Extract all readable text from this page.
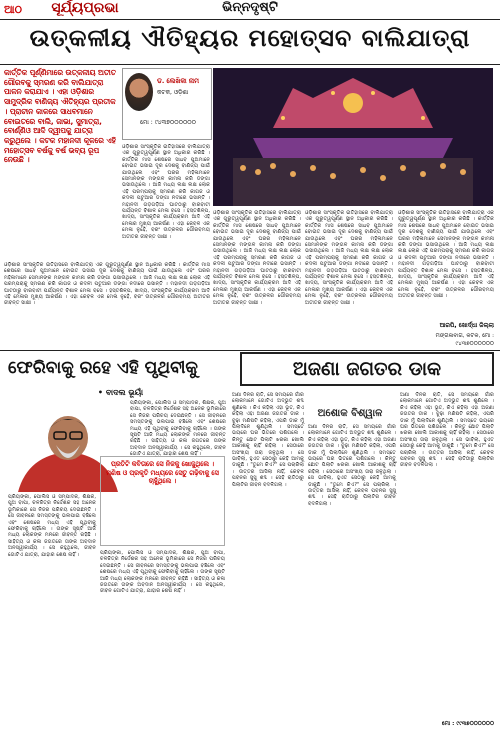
ଆଠ	ସୂର୍ଯ୍ୟପ୍ରଭା	ଭିନ୍ନଦୃଷ୍ଟି
ଉତ୍କଳୀୟ ଐତିହ୍ୟର ମହୋତ୍ସବ ବାଲିଯାତ୍ରା
କାର୍ତ୍ତିକ ପୂର୍ଣ୍ଣିମାରେ ଉତ୍କଳୀୟ ଅତୀତ ଗୌରବକୁ ସ୍ମରଣ କରି ବାଲିଯାତ୍ରା ପାଳନ କରାଯାଏ । ଏହା ଓଡ଼ିଶାର ସାମୁଦ୍ରିକ ବାଣିଜ୍ୟ ଐତିହ୍ୟର ପ୍ରତୀକ । ପ୍ରାଚୀନ କାଳରେ ସାଧବମାନେ ବୋଇତରେ ବାଲି, ଜାଭା, ସୁମାତ୍ରା, ବୋର୍ଣ୍ଣିଓ ଆଦି ଦ୍ୱୀପକୁ ଯାତ୍ରା କରୁଥିଲେ । କଟକ ମହାନଦୀ କୂଳରେ ଏହି ମହୋତ୍ସବ ବର୍ଷକୁ ବର୍ଷ ଭବ୍ୟ ରୂପ ନେଉଛି ।
ଡ. ଲେଖିକା ନାମ
କଟକ, ଓଡ଼ିଶା
ମୋ : ୯୪୩୭୦୦୦୦୦୦
ଓଡ଼ିଶାର ସାଂସ୍କୃତିକ ଇତିହାସରେ ବାଲିଯାତ୍ରା ଏକ ଗୁରୁତ୍ୱପୂର୍ଣ୍ଣ ସ୍ଥାନ ଅଧିକାର କରିଛି । କାର୍ତ୍ତିକ ମାସ ଶେଷରେ ସାଧବ ପୁଅମାନେ ବୋଇତ ଭସାଇ ଦୂର ଦେଶକୁ ବାଣିଜ୍ୟ ପାଇଁ ଯାଉଥିଲେ ଏବଂ ଘରର ମହିଳାମାନେ ସେମାନଙ୍କ ମଙ୍ଗଳ କାମନା କରି ଡଙ୍ଗା ଭସାଉଥିଲେ । ଆଜି ମଧ୍ୟ ଲକ୍ଷ ଲକ୍ଷ ଲୋକ ଏହି ପରମ୍ପରାକୁ ସ୍ମରଣ କରି କାଗଜ ଓ କଦଳୀ ପଟୁଆର ଡଙ୍ଗା ନଦୀରେ ଭସାନ୍ତି । ମହାନଦୀ ଗଡ଼ଗଡ଼ିଆ ଘାଟଠାରୁ ବାରବାଟୀ ପର୍ଯ୍ୟନ୍ତ ବିଶାଳ ମେଳା ବସେ । ହସ୍ତଶିଳ୍ପ, ଖାଦ୍ୟ, ସାଂସ୍କୃତିକ କାର୍ଯ୍ୟକ୍ରମ ଆଦି ଏହି ମେଳାର ମୁଖ୍ୟ ଆକର୍ଷଣ । ଏହା କେବଳ ଏକ ମେଳା ନୁହେଁ, ବରଂ ଉତ୍କଳର ଗୌରବମୟ ଅତୀତର ଜୀବନ୍ତ ସାକ୍ଷୀ ।
ଓଡ଼ିଶାର ସାଂସ୍କୃତିକ ଇତିହାସରେ ବାଲିଯାତ୍ରା ଏକ ଗୁରୁତ୍ୱପୂର୍ଣ୍ଣ ସ୍ଥାନ ଅଧିକାର କରିଛି । କାର୍ତ୍ତିକ ମାସ ଶେଷରେ ସାଧବ ପୁଅମାନେ ବୋଇତ ଭସାଇ ଦୂର ଦେଶକୁ ବାଣିଜ୍ୟ ପାଇଁ ଯାଉଥିଲେ ଏବଂ ଘରର ମହିଳାମାନେ ସେମାନଙ୍କ ମଙ୍ଗଳ କାମନା କରି ଡଙ୍ଗା ଭସାଉଥିଲେ । ଆଜି ମଧ୍ୟ ଲକ୍ଷ ଲକ୍ଷ ଲୋକ ଏହି ପରମ୍ପରାକୁ ସ୍ମରଣ କରି କାଗଜ ଓ କଦଳୀ ପଟୁଆର ଡଙ୍ଗା ନଦୀରେ ଭସାନ୍ତି । ମହାନଦୀ ଗଡ଼ଗଡ଼ିଆ ଘାଟଠାରୁ ବାରବାଟୀ ପର୍ଯ୍ୟନ୍ତ ବିଶାଳ ମେଳା ବସେ । ହସ୍ତଶିଳ୍ପ, ଖାଦ୍ୟ, ସାଂସ୍କୃତିକ କାର୍ଯ୍ୟକ୍ରମ ଆଦି ଏହି ମେଳାର ମୁଖ୍ୟ ଆକର୍ଷଣ । ଏହା କେବଳ ଏକ ମେଳା ନୁହେଁ, ବରଂ ଉତ୍କଳର ଗୌରବମୟ ଅତୀତର ଜୀବନ୍ତ ସାକ୍ଷୀ ।
ଓଡ଼ିଶାର ସାଂସ୍କୃତିକ ଇତିହାସରେ ବାଲିଯାତ୍ରା ଏକ ଗୁରୁତ୍ୱପୂର୍ଣ୍ଣ ସ୍ଥାନ ଅଧିକାର କରିଛି । କାର୍ତ୍ତିକ ମାସ ଶେଷରେ ସାଧବ ପୁଅମାନେ ବୋଇତ ଭସାଇ ଦୂର ଦେଶକୁ ବାଣିଜ୍ୟ ପାଇଁ ଯାଉଥିଲେ ଏବଂ ଘରର ମହିଳାମାନେ ସେମାନଙ୍କ ମଙ୍ଗଳ କାମନା କରି ଡଙ୍ଗା ଭସାଉଥିଲେ । ଆଜି ମଧ୍ୟ ଲକ୍ଷ ଲକ୍ଷ ଲୋକ ଏହି ପରମ୍ପରାକୁ ସ୍ମରଣ କରି କାଗଜ ଓ କଦଳୀ ପଟୁଆର ଡଙ୍ଗା ନଦୀରେ ଭସାନ୍ତି । ମହାନଦୀ ଗଡ଼ଗଡ଼ିଆ ଘାଟଠାରୁ ବାରବାଟୀ ପର୍ଯ୍ୟନ୍ତ ବିଶାଳ ମେଳା ବସେ । ହସ୍ତଶିଳ୍ପ, ଖାଦ୍ୟ, ସାଂସ୍କୃତିକ କାର୍ଯ୍ୟକ୍ରମ ଆଦି ଏହି ମେଳାର ମୁଖ୍ୟ ଆକର୍ଷଣ । ଏହା କେବଳ ଏକ ମେଳା ନୁହେଁ, ବରଂ ଉତ୍କଳର ଗୌରବମୟ ଅତୀତର ଜୀବନ୍ତ ସାକ୍ଷୀ ।
ଓଡ଼ିଶାର ସାଂସ୍କୃତିକ ଇତିହାସରେ ବାଲିଯାତ୍ରା ଏକ ଗୁରୁତ୍ୱପୂର୍ଣ୍ଣ ସ୍ଥାନ ଅଧିକାର କରିଛି । କାର୍ତ୍ତିକ ମାସ ଶେଷରେ ସାଧବ ପୁଅମାନେ ବୋଇତ ଭସାଇ ଦୂର ଦେଶକୁ ବାଣିଜ୍ୟ ପାଇଁ ଯାଉଥିଲେ ଏବଂ ଘରର ମହିଳାମାନେ ସେମାନଙ୍କ ମଙ୍ଗଳ କାମନା କରି ଡଙ୍ଗା ଭସାଉଥିଲେ । ଆଜି ମଧ୍ୟ ଲକ୍ଷ ଲକ୍ଷ ଲୋକ ଏହି ପରମ୍ପରାକୁ ସ୍ମରଣ କରି କାଗଜ ଓ କଦଳୀ ପଟୁଆର ଡଙ୍ଗା ନଦୀରେ ଭସାନ୍ତି । ମହାନଦୀ ଗଡ଼ଗଡ଼ିଆ ଘାଟଠାରୁ ବାରବାଟୀ ପର୍ଯ୍ୟନ୍ତ ବିଶାଳ ମେଳା ବସେ । ହସ୍ତଶିଳ୍ପ, ଖାଦ୍ୟ, ସାଂସ୍କୃତିକ କାର୍ଯ୍ୟକ୍ରମ ଆଦି ଏହି ମେଳାର ମୁଖ୍ୟ ଆକର୍ଷଣ । ଏହା କେବଳ ଏକ ମେଳା ନୁହେଁ, ବରଂ ଉତ୍କଳର ଗୌରବମୟ ଅତୀତର ଜୀବନ୍ତ ସାକ୍ଷୀ ।
ଓଡ଼ିଶାର ସାଂସ୍କୃତିକ ଇତିହାସରେ ବାଲିଯାତ୍ରା ଏକ ଗୁରୁତ୍ୱପୂର୍ଣ୍ଣ ସ୍ଥାନ ଅଧିକାର କରିଛି । କାର୍ତ୍ତିକ ମାସ ଶେଷରେ ସାଧବ ପୁଅମାନେ ବୋଇତ ଭସାଇ ଦୂର ଦେଶକୁ ବାଣିଜ୍ୟ ପାଇଁ ଯାଉଥିଲେ ଏବଂ ଘରର ମହିଳାମାନେ ସେମାନଙ୍କ ମଙ୍ଗଳ କାମନା କରି ଡଙ୍ଗା ଭସାଉଥିଲେ । ଆଜି ମଧ୍ୟ ଲକ୍ଷ ଲକ୍ଷ ଲୋକ ଏହି ପରମ୍ପରାକୁ ସ୍ମରଣ କରି କାଗଜ ଓ କଦଳୀ ପଟୁଆର ଡଙ୍ଗା ନଦୀରେ ଭସାନ୍ତି । ମହାନଦୀ ଗଡ଼ଗଡ଼ିଆ ଘାଟଠାରୁ ବାରବାଟୀ ପର୍ଯ୍ୟନ୍ତ ବିଶାଳ ମେଳା ବସେ । ହସ୍ତଶିଳ୍ପ, ଖାଦ୍ୟ, ସାଂସ୍କୃତିକ କାର୍ଯ୍ୟକ୍ରମ ଆଦି ଏହି ମେଳାର ମୁଖ୍ୟ ଆକର୍ଷଣ । ଏହା କେବଳ ଏକ ମେଳା ନୁହେଁ, ବରଂ ଉତ୍କଳର ଗୌରବମୟ ଅତୀତର ଜୀବନ୍ତ ସାକ୍ଷୀ ।
ଆରପି, ଖୋର୍ଦ୍ଧା ଜିଲ୍ଲା
ମଙ୍ଗଳାବାଗ, କଟକ, ମୋ : ୯୪୩୭୦୦୦୦୦୦
ଫେରିବାକୁ ରହେ ଏହି ପୃଥିବୀକୁ
• ବାଦଲ ଭୂୟାଁ
ପ୍ରିୟଙ୍କା, ପୋଲିସ ଓ ସମ୍ପାଦକ, ଶିକ୍ଷକ, ପୁଅ ବାପା, ଚଳଚ୍ଚିତ୍ର ନିର୍ଦ୍ଦେଶକ ସହ ଅନେକ ଭୂମିକାରେ ସେ ନିଜର ପରିଚୟ ଦେଇଛନ୍ତି । ସେ ଜୀବନରେ ସମସ୍ତଙ୍କୁ ଭଲପାଇ ବଞ୍ଚିଲେ ଏବଂ ଶେଷରେ ମଧ୍ୟ ଏହି ପୃଥିବୀକୁ ଫେରିବାକୁ ଚାହିଁଲେ । ତାଙ୍କ ସୃଷ୍ଟି ଆଜି ମଧ୍ୟ ଲୋକଙ୍କ ମନରେ ଜୀବନ୍ତ ରହିଛି । ସାହିତ୍ୟ ଓ କଳା ଜଗତରେ ତାଙ୍କ ଅବଦାନ ଅନସ୍ୱୀକାର୍ଯ୍ୟ । ସେ କହୁଥିଲେ, ଜୀବନ ଗୋଟିଏ ଯାତ୍ରା, ଯାହାର ଶେଷ ନାହିଁ ।
ପ୍ରତିଟି କବିତାରେ ସେ ନିଜକୁ ଖୋଜୁଥିଲେ । ମଣିଷ ଓ ପ୍ରକୃତି ମଧ୍ୟରେ ସେତୁ ଗଢ଼ିବାକୁ ସେ ଚାହୁଁଥିଲେ ।
ପ୍ରିୟଙ୍କା, ପୋଲିସ ଓ ସମ୍ପାଦକ, ଶିକ୍ଷକ, ପୁଅ ବାପା, ଚଳଚ୍ଚିତ୍ର ନିର୍ଦ୍ଦେଶକ ସହ ଅନେକ ଭୂମିକାରେ ସେ ନିଜର ପରିଚୟ ଦେଇଛନ୍ତି । ସେ ଜୀବନରେ ସମସ୍ତଙ୍କୁ ଭଲପାଇ ବଞ୍ଚିଲେ ଏବଂ ଶେଷରେ ମଧ୍ୟ ଏହି ପୃଥିବୀକୁ ଫେରିବାକୁ ଚାହିଁଲେ । ତାଙ୍କ ସୃଷ୍ଟି ଆଜି ମଧ୍ୟ ଲୋକଙ୍କ ମନରେ ଜୀବନ୍ତ ରହିଛି । ସାହିତ୍ୟ ଓ କଳା ଜଗତରେ ତାଙ୍କ ଅବଦାନ ଅନସ୍ୱୀକାର୍ଯ୍ୟ । ସେ କହୁଥିଲେ, ଜୀବନ ଗୋଟିଏ ଯାତ୍ରା, ଯାହାର ଶେଷ ନାହିଁ ।
ପ୍ରିୟଙ୍କା, ପୋଲିସ ଓ ସମ୍ପାଦକ, ଶିକ୍ଷକ, ପୁଅ ବାପା, ଚଳଚ୍ଚିତ୍ର ନିର୍ଦ୍ଦେଶକ ସହ ଅନେକ ଭୂମିକାରେ ସେ ନିଜର ପରିଚୟ ଦେଇଛନ୍ତି । ସେ ଜୀବନରେ ସମସ୍ତଙ୍କୁ ଭଲପାଇ ବଞ୍ଚିଲେ ଏବଂ ଶେଷରେ ମଧ୍ୟ ଏହି ପୃଥିବୀକୁ ଫେରିବାକୁ ଚାହିଁଲେ । ତାଙ୍କ ସୃଷ୍ଟି ଆଜି ମଧ୍ୟ ଲୋକଙ୍କ ମନରେ ଜୀବନ୍ତ ରହିଛି । ସାହିତ୍ୟ ଓ କଳା ଜଗତରେ ତାଙ୍କ ଅବଦାନ ଅନସ୍ୱୀକାର୍ଯ୍ୟ । ସେ କହୁଥିଲେ, ଜୀବନ ଗୋଟିଏ ଯାତ୍ରା, ଯାହାର ଶେଷ ନାହିଁ ।
ଅଜଣା ଜଗତର ଡାକ
ଅଣା ଦିନର ରାତି, ସେ ସମୟରେ ଗାଁର ଲୋକମାନେ ଗୋଟିଏ ଅଦ୍ଭୁତ ଶବ୍ଦ ଶୁଣିଲେ । କିଏ କହିଲା ଏହା ଭୂତ, କିଏ କହିଲା ଏହା ଅଜଣା ଜଗତର ଡାକ । ବୁଢ଼ା ମଣିଷଟି କହିଲା, ଏପରି ଡାକ ମୁଁ ପିଲାଦିନେ ଶୁଣିଥିଲି । ସମସ୍ତେ ଭୟରେ ଘର ଭିତରେ ପଶିଗଲେ । କିନ୍ତୁ ଛୋଟ ପିଲାଟି ଝରକା ଖୋଲି ଆକାଶକୁ ଚାହିଁ ରହିଲା । ସେଠାରେ ଅସଂଖ୍ୟ ତାରା ଜଳୁଥିଲା । ସେ ଭାବିଲା, ହୁଏତ ସେଠାରୁ କେହି ଆମକୁ ଡାକୁଛି । "ତୁମେ କିଏ?" ସେ ପଚାରିଲା । ଉତ୍ତର ଆସିଲା ନାହିଁ, କେବଳ ପବନର ସୁସୁ ଶବ୍ଦ । ସେହି ରାତିଠାରୁ ପିଲାଟିର ଜୀବନ ବଦଳିଗଲା ।
ଅଶୋକ ବିଶ୍ୱାଳ
ଅଣା ଦିନର ରାତି, ସେ ସମୟରେ ଗାଁର ଲୋକମାନେ ଗୋଟିଏ ଅଦ୍ଭୁତ ଶବ୍ଦ ଶୁଣିଲେ । କିଏ କହିଲା ଏହା ଭୂତ, କିଏ କହିଲା ଏହା ଅଜଣା ଜଗତର ଡାକ । ବୁଢ଼ା ମଣିଷଟି କହିଲା, ଏପରି ଡାକ ମୁଁ ପିଲାଦିନେ ଶୁଣିଥିଲି । ସମସ୍ତେ ଭୟରେ ଘର ଭିତରେ ପଶିଗଲେ । କିନ୍ତୁ ଛୋଟ ପିଲାଟି ଝରକା ଖୋଲି ଆକାଶକୁ ଚାହିଁ ରହିଲା । ସେଠାରେ ଅସଂଖ୍ୟ ତାରା ଜଳୁଥିଲା । ସେ ଭାବିଲା, ହୁଏତ ସେଠାରୁ କେହି ଆମକୁ ଡାକୁଛି । "ତୁମେ କିଏ?" ସେ ପଚାରିଲା । ଉତ୍ତର ଆସିଲା ନାହିଁ, କେବଳ ପବନର ସୁସୁ ଶବ୍ଦ । ସେହି ରାତିଠାରୁ ପିଲାଟିର ଜୀବନ ବଦଳିଗଲା ।
ଅଣା ଦିନର ରାତି, ସେ ସମୟରେ ଗାଁର ଲୋକମାନେ ଗୋଟିଏ ଅଦ୍ଭୁତ ଶବ୍ଦ ଶୁଣିଲେ । କିଏ କହିଲା ଏହା ଭୂତ, କିଏ କହିଲା ଏହା ଅଜଣା ଜଗତର ଡାକ । ବୁଢ଼ା ମଣିଷଟି କହିଲା, ଏପରି ଡାକ ମୁଁ ପିଲାଦିନେ ଶୁଣିଥିଲି । ସମସ୍ତେ ଭୟରେ ଘର ଭିତରେ ପଶିଗଲେ । କିନ୍ତୁ ଛୋଟ ପିଲାଟି ଝରକା ଖୋଲି ଆକାଶକୁ ଚାହିଁ ରହିଲା । ସେଠାରେ ଅସଂଖ୍ୟ ତାରା ଜଳୁଥିଲା । ସେ ଭାବିଲା, ହୁଏତ ସେଠାରୁ କେହି ଆମକୁ ଡାକୁଛି । "ତୁମେ କିଏ?" ସେ ପଚାରିଲା । ଉତ୍ତର ଆସିଲା ନାହିଁ, କେବଳ ପବନର ସୁସୁ ଶବ୍ଦ । ସେହି ରାତିଠାରୁ ପିଲାଟିର ଜୀବନ ବଦଳିଗଲା ।
ମୋ : ୯୯୩୭୦୦୦୦୦୦
